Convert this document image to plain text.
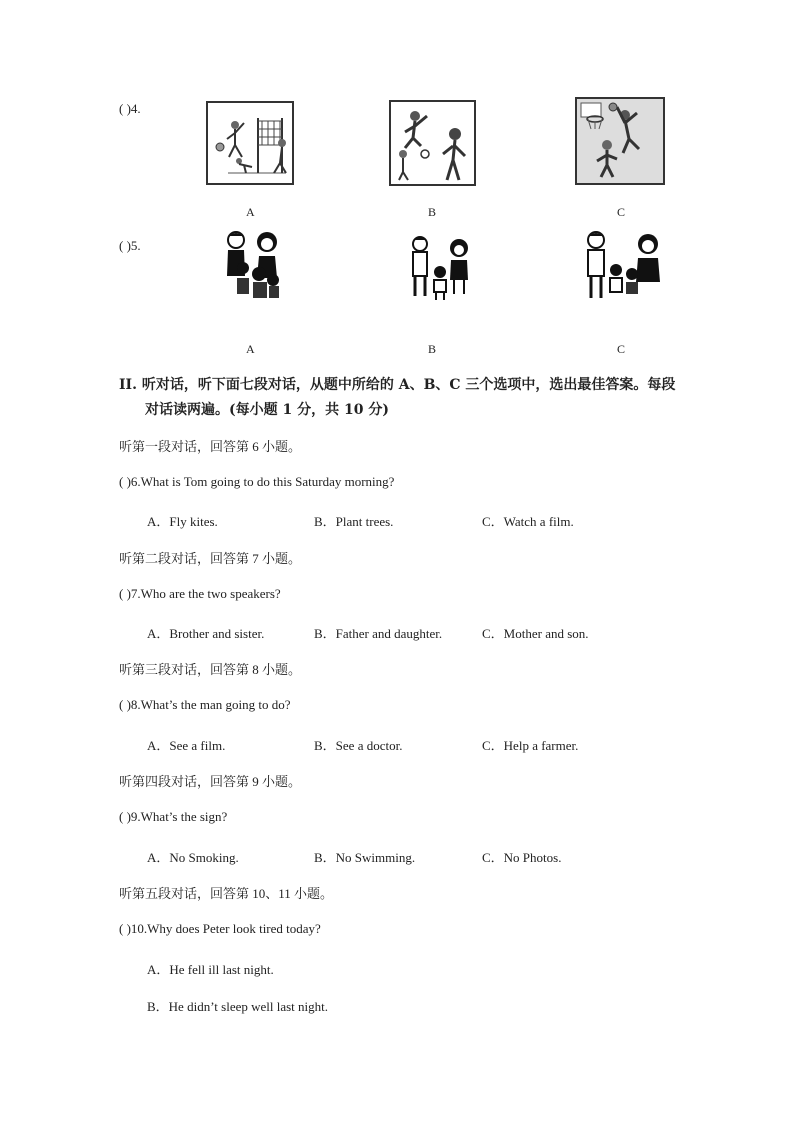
( )4.
A	B	C
( )5.
A	B	C
II. 听对话，听下面七段对话，从题中所给的 A、B、C 三个选项中，选出最佳答案。每段
对话读两遍。(每小题 1 分，共 10 分)
听第一段对话，回答第 6 小题。
( )6.What is Tom going to do this Saturday morning?
A．Fly kites.	B．Plant trees.	C．Watch a film.
听第二段对话，回答第 7 小题。
( )7.Who are the two speakers?
A．Brother and sister.	B．Father and daughter.	C．Mother and son.
听第三段对话，回答第 8 小题。
( )8.What’s the man going to do?
A．See a film.	B．See a doctor.	C．Help a farmer.
听第四段对话，回答第 9 小题。
( )9.What’s the sign?
A．No Smoking.	B．No Swimming.	C．No Photos.
听第五段对话，回答第 10、11 小题。
( )10.Why does Peter look tired today?
A．He fell ill last night.
B．He didn’t sleep well last night.
